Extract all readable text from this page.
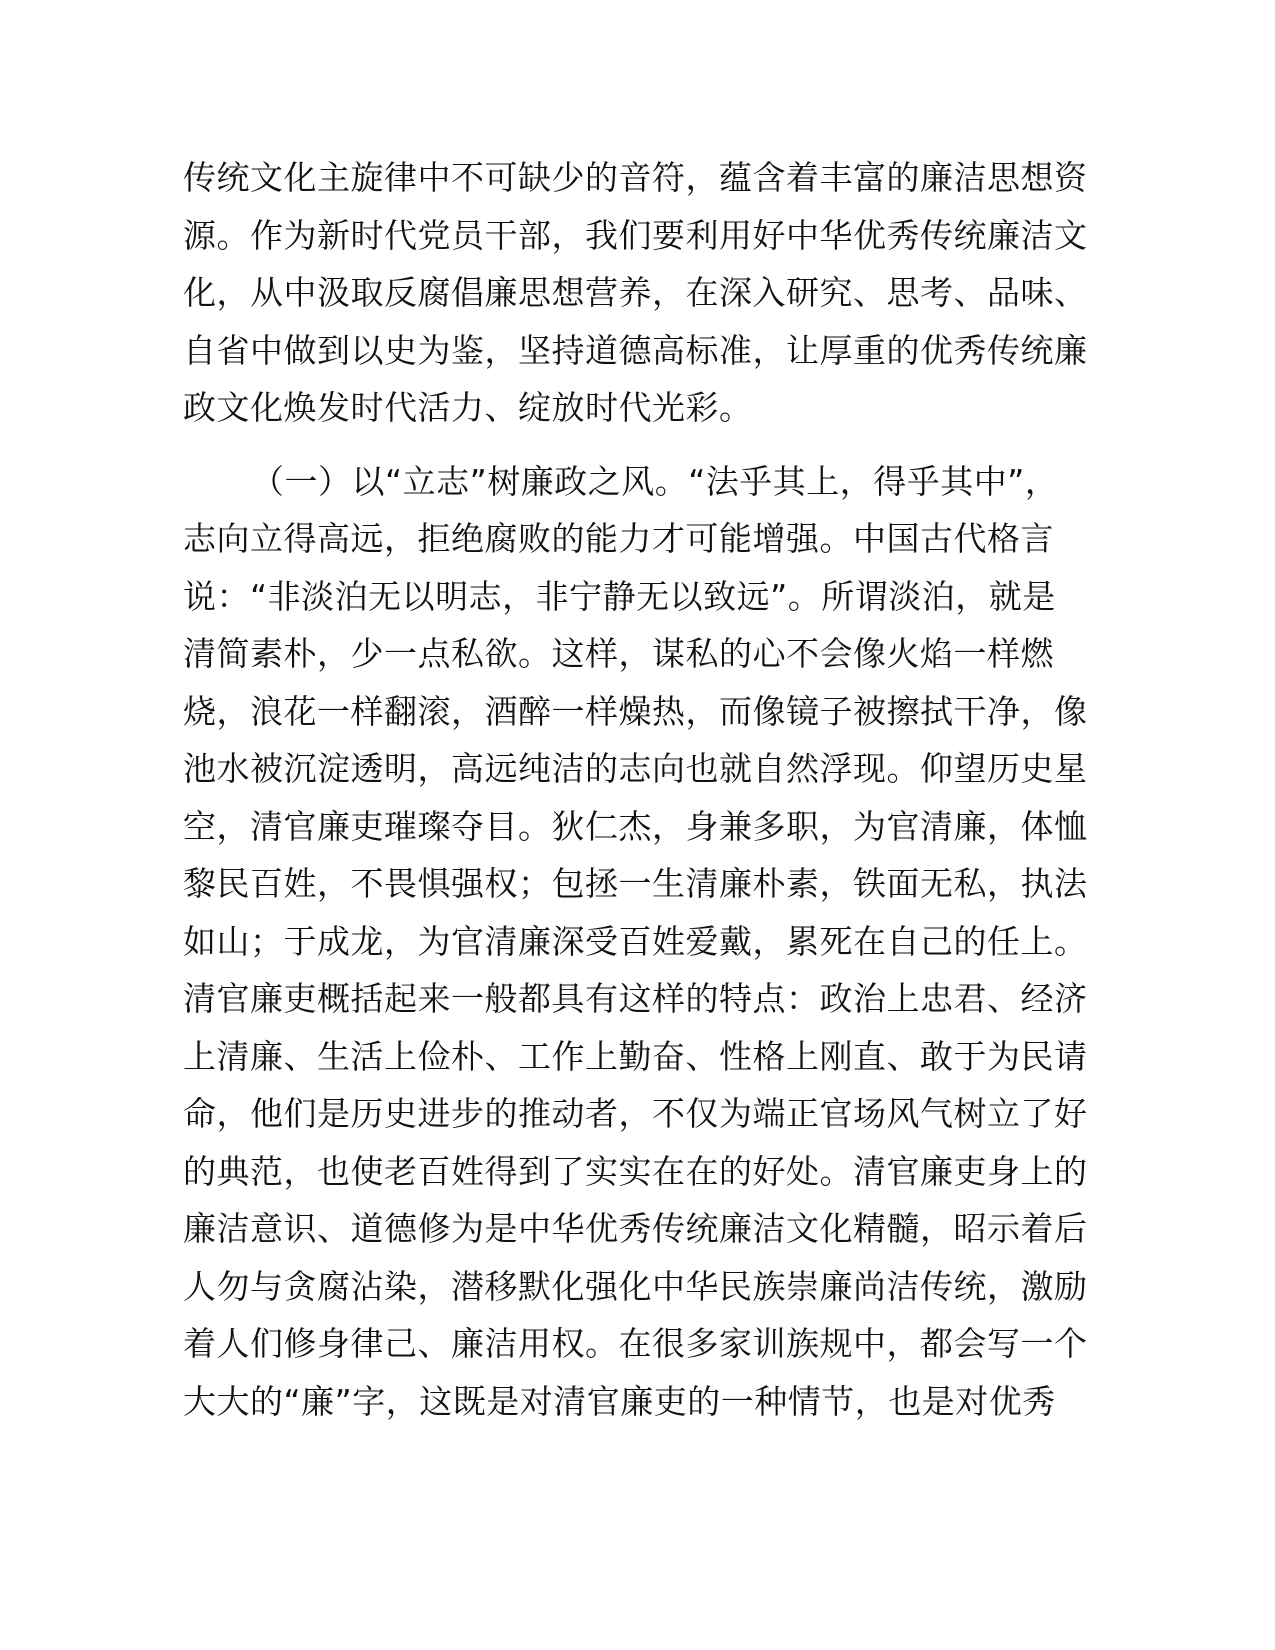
传统文化主旋律中不可缺少的音符，蕴含着丰富的廉洁思想资
源。作为新时代党员干部，我们要利用好中华优秀传统廉洁文
化，从中汲取反腐倡廉思想营养，在深入研究、思考、品味、
自省中做到以史为鉴，坚持道德高标准，让厚重的优秀传统廉
政文化焕发时代活力、绽放时代光彩。
（一）以“立志”树廉政之风。“法乎其上，得乎其中”，
志向立得高远，拒绝腐败的能力才可能增强。中国古代格言
说：“非淡泊无以明志，非宁静无以致远”。所谓淡泊，就是
清简素朴，少一点私欲。这样，谋私的心不会像火焰一样燃
烧，浪花一样翻滚，酒醉一样燥热，而像镜子被擦拭干净，像
池水被沉淀透明，高远纯洁的志向也就自然浮现。仰望历史星
空，清官廉吏璀璨夺目。狄仁杰，身兼多职，为官清廉，体恤
黎民百姓，不畏惧强权；包拯一生清廉朴素，铁面无私，执法
如山；于成龙，为官清廉深受百姓爱戴，累死在自己的任上。
清官廉吏概括起来一般都具有这样的特点：政治上忠君、经济
上清廉、生活上俭朴、工作上勤奋、性格上刚直、敢于为民请
命，他们是历史进步的推动者，不仅为端正官场风气树立了好
的典范，也使老百姓得到了实实在在的好处。清官廉吏身上的
廉洁意识、道德修为是中华优秀传统廉洁文化精髓，昭示着后
人勿与贪腐沾染，潜移默化强化中华民族崇廉尚洁传统，激励
着人们修身律己、廉洁用权。在很多家训族规中，都会写一个
大大的“廉”字，这既是对清官廉吏的一种情节，也是对优秀
